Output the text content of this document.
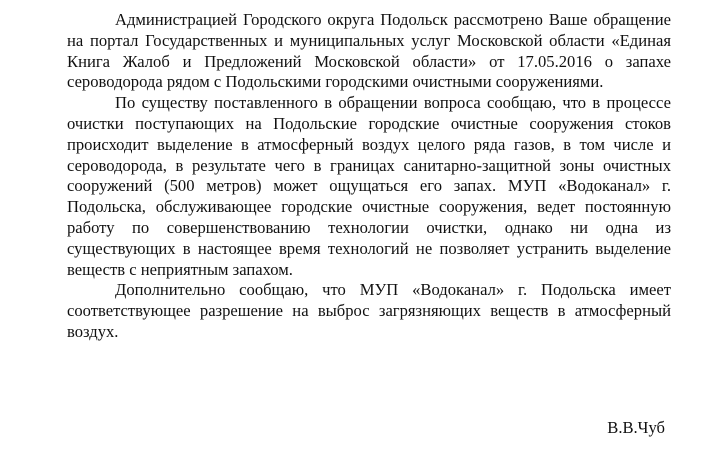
Администрацией Городского округа Подольск рассмотрено Ваше обращение на портал Государственных и муниципальных услуг Московской области «Единая Книга Жалоб и Предложений Московской области» от 17.05.2016 о запахе сероводорода рядом с Подольскими городскими очистными сооружениями.

По существу поставленного в обращении вопроса сообщаю, что в процессе очистки поступающих на Подольские городские очистные сооружения стоков происходит выделение в атмосферный воздух целого ряда газов, в том числе и сероводорода, в результате чего в границах санитарно-защитной зоны очистных сооружений (500 метров) может ощущаться его запах. МУП «Водоканал» г. Подольска, обслуживающее городские очистные сооружения, ведет постоянную работу по совершенствованию технологии очистки, однако ни одна из существующих в настоящее время технологий не позволяет устранить выделение веществ с неприятным запахом.

Дополнительно сообщаю, что МУП «Водоканал» г. Подольска имеет соответствующее разрешение на выброс загрязняющих веществ в атмосферный воздух.

В.В.Чуб
